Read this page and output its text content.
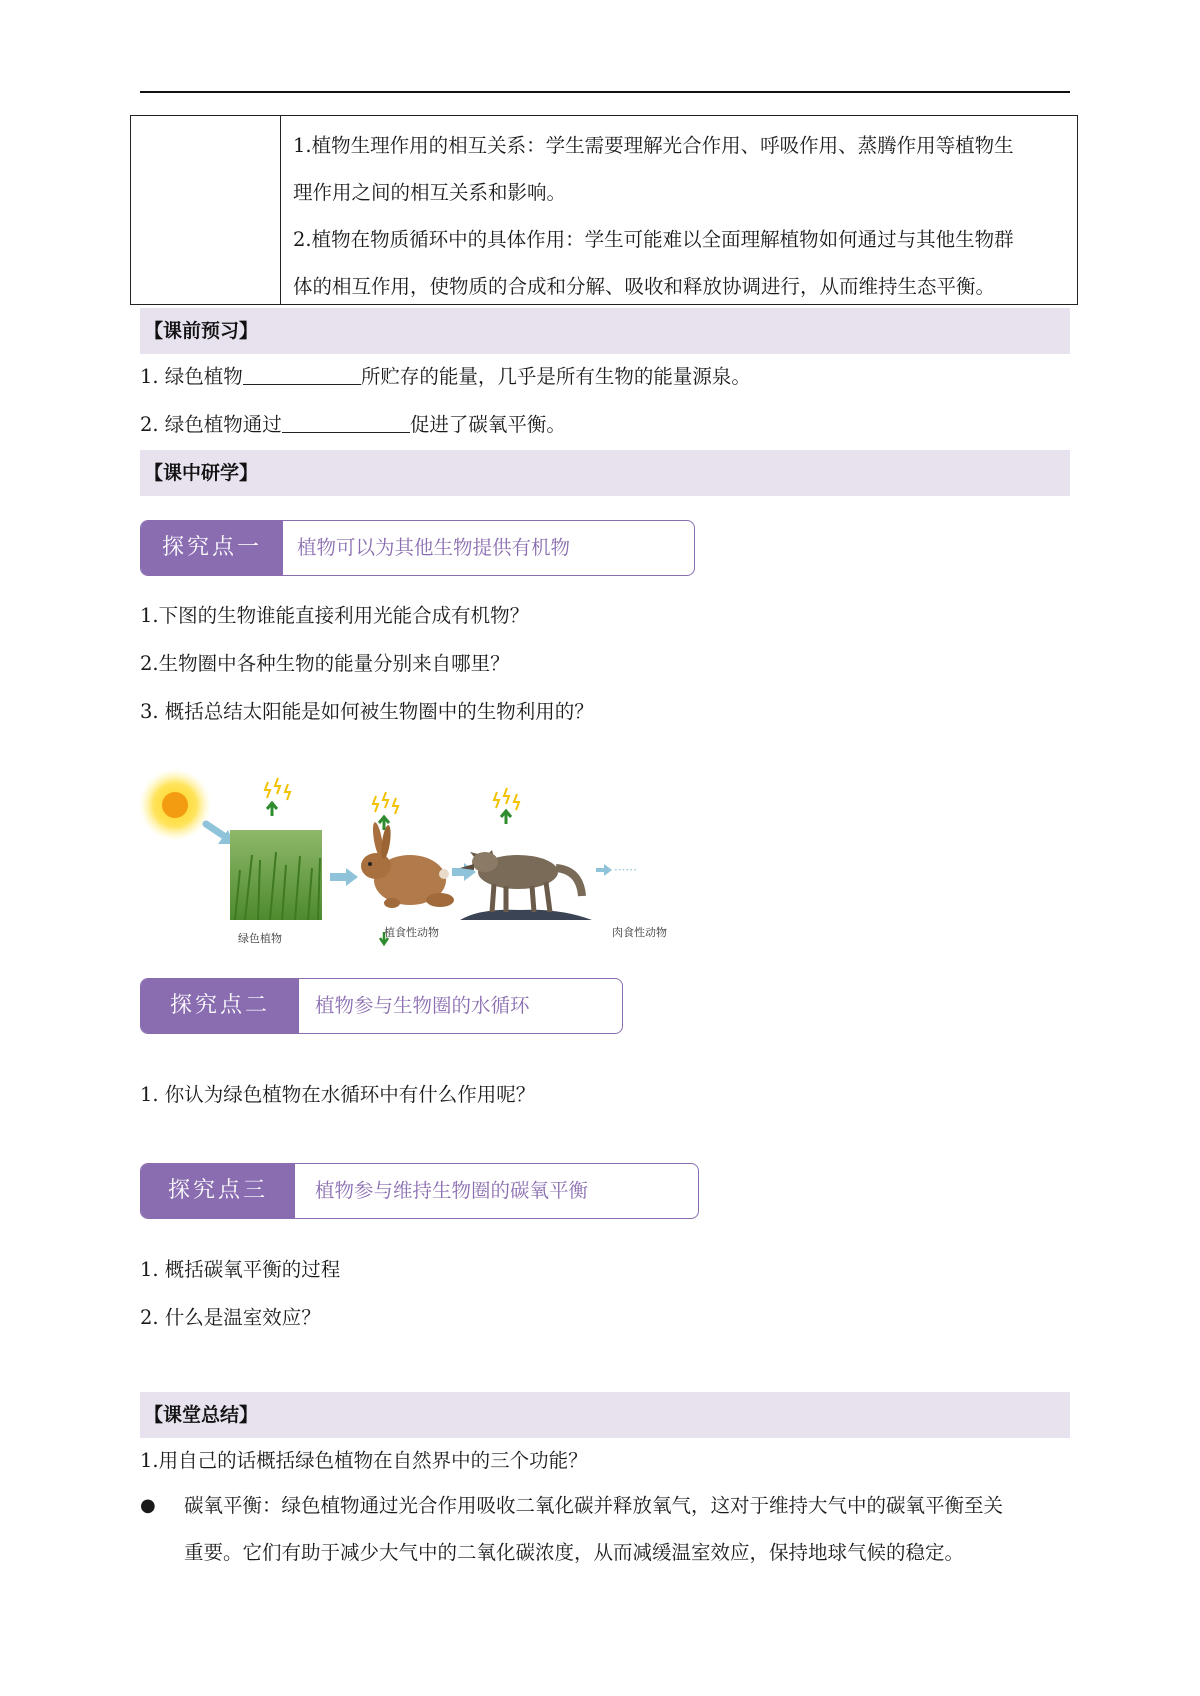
1.植物生理作用的相互关系：学生需要理解光合作用、呼吸作用、蒸腾作用等植物生
理作用之间的相互关系和影响。
2.植物在物质循环中的具体作用：学生可能难以全面理解植物如何通过与其他生物群
体的相互作用，使物质的合成和分解、吸收和释放协调进行，从而维持生态平衡。
【课前预习】
1. 绿色植物	所贮存的能量，几乎是所有生物的能量源泉。
2. 绿色植物通过	促进了碳氧平衡。
【课中研学】
探究点一	植物可以为其他生物提供有机物
1.下图的生物谁能直接利用光能合成有机物？
2.生物圈中各种生物的能量分别来自哪里？
3. 概括总结太阳能是如何被生物圈中的生物利用的？
······
绿色植物	植食性动物	肉食性动物
探究点二	植物参与生物圈的水循环
1. 你认为绿色植物在水循环中有什么作用呢？
探究点三	植物参与维持生物圈的碳氧平衡
1. 概括碳氧平衡的过程
2. 什么是温室效应？
【课堂总结】
1.用自己的话概括绿色植物在自然界中的三个功能？
● 碳氧平衡：绿色植物通过光合作用吸收二氧化碳并释放氧气，这对于维持大气中的碳氧平衡至关
重要。它们有助于减少大气中的二氧化碳浓度，从而减缓温室效应，保持地球气候的稳定。
